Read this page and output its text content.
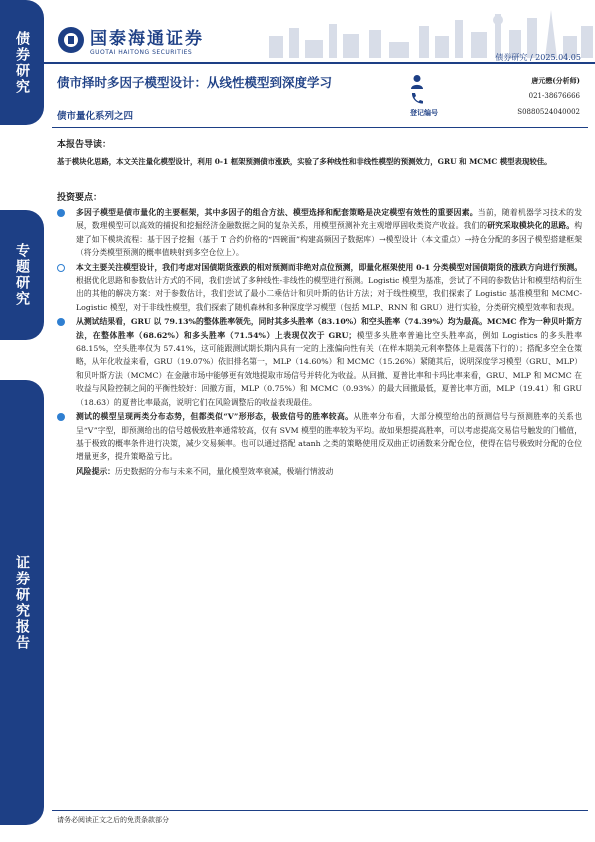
债券研究
专题研究
证券研究报告
国泰海通证券
GUOTAI HAITONG SECURITIES
债券研究 / 2025.04.05
债市择时多因子模型设计：从线性模型到深度学习
债市量化系列之四
唐元懋(分析师)
021-38676666
登记编号	S0880524040002
本报告导读：
基于模块化思路，本文关注量化模型设计，利用 0-1 框架预测债市涨跌，实验了多种线性和非线性模型的预测效力，GRU 和 MCMC 模型表现较佳。
投资要点：
多因子模型是债市量化的主要框架，其中多因子的组合方法、模型选择和配套策略是决定模型有效性的重要因素。当前，随着机器学习技术的发展，数理模型可以高效的捕捉和挖掘经济金融数据之间的复杂关系，用模型预测补充主观增厚固收类资产收益。我们的研究采取模块化的思路。构建了如下模块流程：基于因子挖掘（基于 T 合约价格的“四碗面”构建高频因子数据库）→模型设计（本文重点）→持仓分配的多因子模型搭建框架（将分类模型预测的概率值映射到多空仓位上）。
本文主要关注模型设计，我们考虑对国债期货涨跌的相对预测而非绝对点位预测，即量化框架使用 0-1 分类模型对国债期货的涨跌方向进行预测。根据优化思路和参数估计方式的不同，我们尝试了多种线性-非线性的模型进行预测。Logistic 模型为基准，尝试了不同的参数估计和模型结构衍生出的其他的解决方案：对于参数估计，我们尝试了最小二乘估计和贝叶斯的估计方法；对于线性模型，我们探索了 Logistic 基准模型和 MCMC-Logistic 模型，对于非线性模型，我们探索了随机森林和多种深度学习模型（包括 MLP、RNN 和 GRU）进行实验，分类研究模型效率和表现。
从测试结果看，GRU 以 79.13%的整体胜率领先，同时其多头胜率（83.10%）和空头胜率（74.39%）均为最高。MCMC 作为一种贝叶斯方法，在整体胜率（68.62%）和多头胜率（71.54%）上表现仅次于 GRU；模型多头胜率普遍比空头胜率高，例如 Logistics 的多头胜率 68.15%，空头胜率仅为 57.41%，这可能跟测试期长期内具有一定的上涨偏向性有关（在样本期美元利率整体上是震荡下行的）；搭配多空全仓策略，从年化收益来看，GRU（19.07%）依旧排名第一，MLP（14.60%）和 MCMC（15.26%）紧随其后，说明深度学习模型（GRU、MLP）和贝叶斯方法（MCMC）在金融市场中能够更有效地提取市场信号并转化为收益。从回撤、夏普比率和卡玛比率来看，GRU、MLP 和 MCMC 在收益与风险控制之间的平衡性较好：回撤方面，MLP（0.75%）和 MCMC（0.93%）的最大回撤最低，夏普比率方面，MLP（19.41）和 GRU（18.63）的夏普比率最高，说明它们在风险调整后的收益表现最佳。
测试的模型呈现两类分布态势，但都类似“V”形形态，极致信号的胜率较高。从胜率分布看，大部分模型给出的预测信号与预测胜率的关系也呈“V”字型，即预测给出的信号越极致胜率通常较高，仅有 SVM 模型的胜率较为平均。故如果想提高胜率，可以考虑提高交易信号触发的门槛值，基于极致的概率条件进行决策，减少交易频率。也可以通过搭配 atanh 之类的策略使用反双曲正切函数来分配仓位，使得在信号极致时分配的仓位增量更多，提升策略盈亏比。
风险提示：历史数据的分布与未来不同，量化模型效率衰减，极端行情波动
请务必阅读正文之后的免责条款部分
